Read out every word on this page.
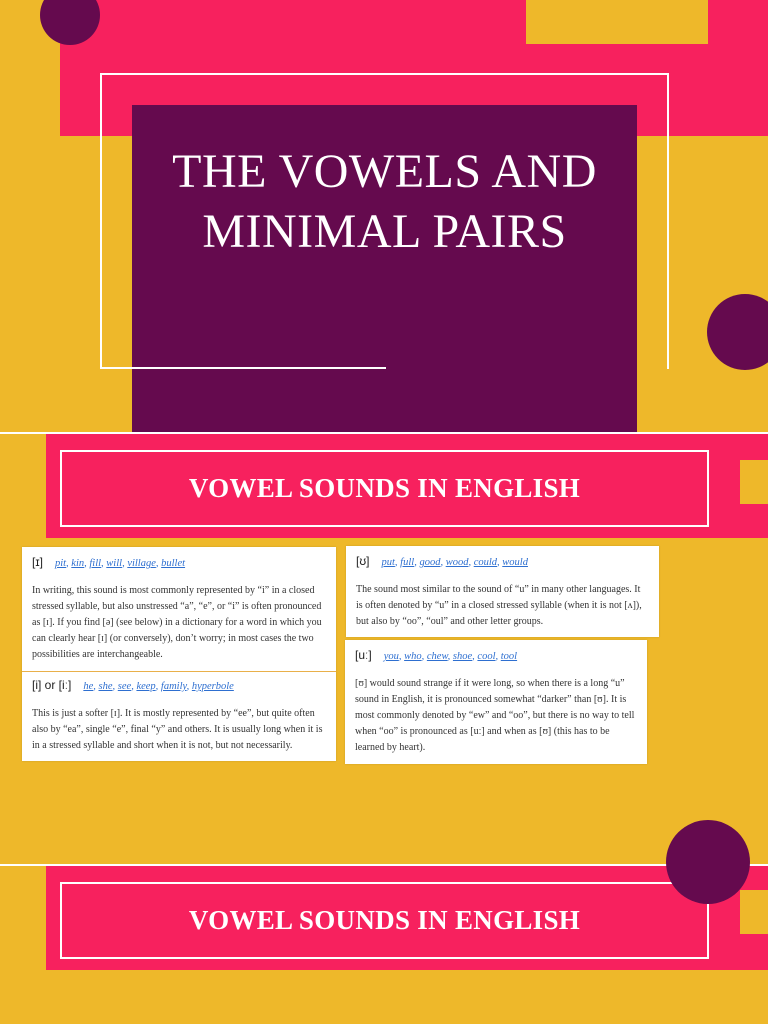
THE VOWELS AND
MINIMAL PAIRS
VOWEL SOUNDS IN ENGLISH
[ɪ] pit, kin, fill, will, village, bullet
In writing, this sound is most commonly represented by “i” in a closed stressed syllable, but also unstressed “a”, “e”, or “i” is often pronounced as [ɪ]. If you find [ə] (see below) in a dictionary for a word in which you can clearly hear [ɪ] (or conversely), don’t worry; in most cases the two possibilities are interchangeable.
[i] or [iː] he, she, see, keep, family, hyperbole
This is just a softer [ɪ]. It is mostly represented by “ee”, but quite often also by “ea”, single “e”, final “y” and others. It is usually long when it is in a stressed syllable and short when it is not, but not necessarily.
[ʊ] put, full, good, wood, could, would
The sound most similar to the sound of “u” in many other languages. It is often denoted by “u” in a closed stressed syllable (when it is not [ʌ]), but also by “oo”, “oul” and other letter groups.
[uː] you, who, chew, shoe, cool, tool
[ʊ] would sound strange if it were long, so when there is a long “u” sound in English, it is pronounced somewhat “darker” than [ʊ]. It is most commonly denoted by “ew” and “oo”, but there is no way to tell when “oo” is pronounced as [uː] and when as [ʊ] (this has to be learned by heart).
VOWEL SOUNDS IN ENGLISH
